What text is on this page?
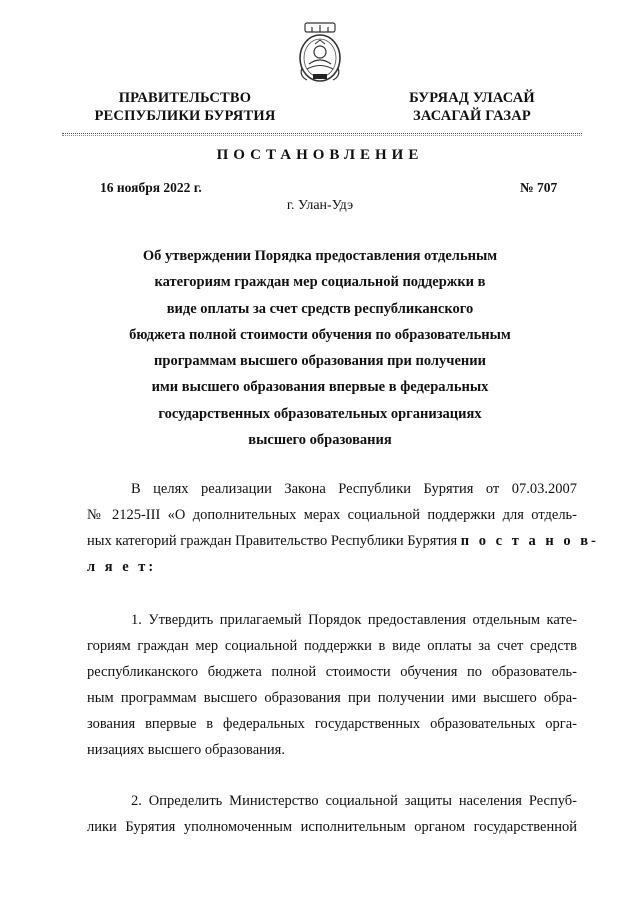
ПРАВИТЕЛЬСТВО
РЕСПУБЛИКИ БУРЯТИЯ
БУРЯАД УЛАСАЙ
ЗАСАГАЙ ГАЗАР
ПОСТАНОВЛЕНИЕ
16 ноября 2022 г.	№ 707
г. Улан-Удэ
Об утверждении Порядка предоставления отдельным
категориям граждан мер социальной поддержки в
виде оплаты за счет средств республиканского
бюджета полной стоимости обучения по образовательным
программам высшего образования при получении
ими высшего образования впервые в федеральных
государственных образовательных организациях
высшего образования
В целях реализации Закона Республики Бурятия от 07.03.2007
№ 2125-III «О дополнительных мерах социальной поддержки для отдель-
ных категорий граждан Правительство Республики Бурятия п о с т а н о в-
л я е т:
1. Утвердить прилагаемый Порядок предоставления отдельным кате-
гориям граждан мер социальной поддержки в виде оплаты за счет средств
республиканского бюджета полной стоимости обучения по образователь-
ным программам высшего образования при получении ими высшего обра-
зования впервые в федеральных государственных образовательных орга-
низациях высшего образования.
2. Определить Министерство социальной защиты населения Респуб-
лики Бурятия уполномоченным исполнительным органом государственной
